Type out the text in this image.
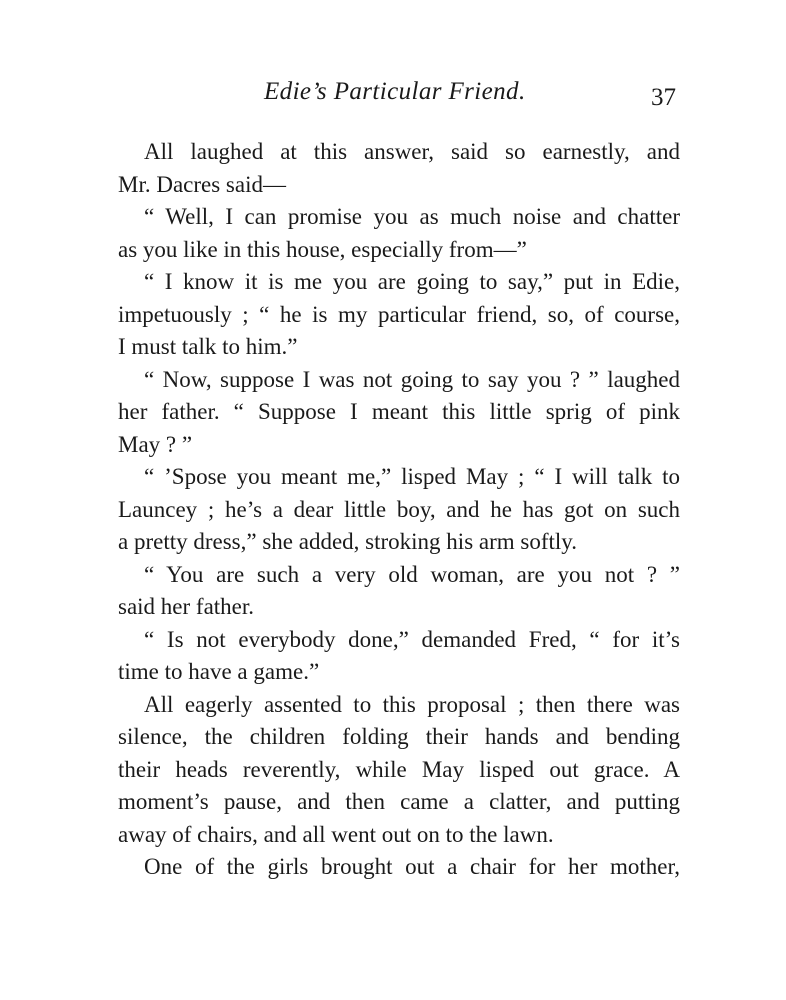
Edie’s Particular Friend.	37
All laughed at this answer, said so earnestly, and
Mr. Dacres said—
“ Well, I can promise you as much noise and chatter
as you like in this house, especially from—”
“ I know it is me you are going to say,” put in Edie,
impetuously ; “ he is my particular friend, so, of course,
I must talk to him.”
“ Now, suppose I was not going to say you ? ” laughed
her father. “ Suppose I meant this little sprig of pink
May ? ”
“ ’Spose you meant me,” lisped May ; “ I will talk to
Launcey ; he’s a dear little boy, and he has got on such
a pretty dress,” she added, stroking his arm softly.
“ You are such a very old woman, are you not ? ”
said her father.
“ Is not everybody done,” demanded Fred, “ for it’s
time to have a game.”
All eagerly assented to this proposal ; then there was
silence, the children folding their hands and bending
their heads reverently, while May lisped out grace. A
moment’s pause, and then came a clatter, and putting
away of chairs, and all went out on to the lawn.
One of the girls brought out a chair for her mother,
